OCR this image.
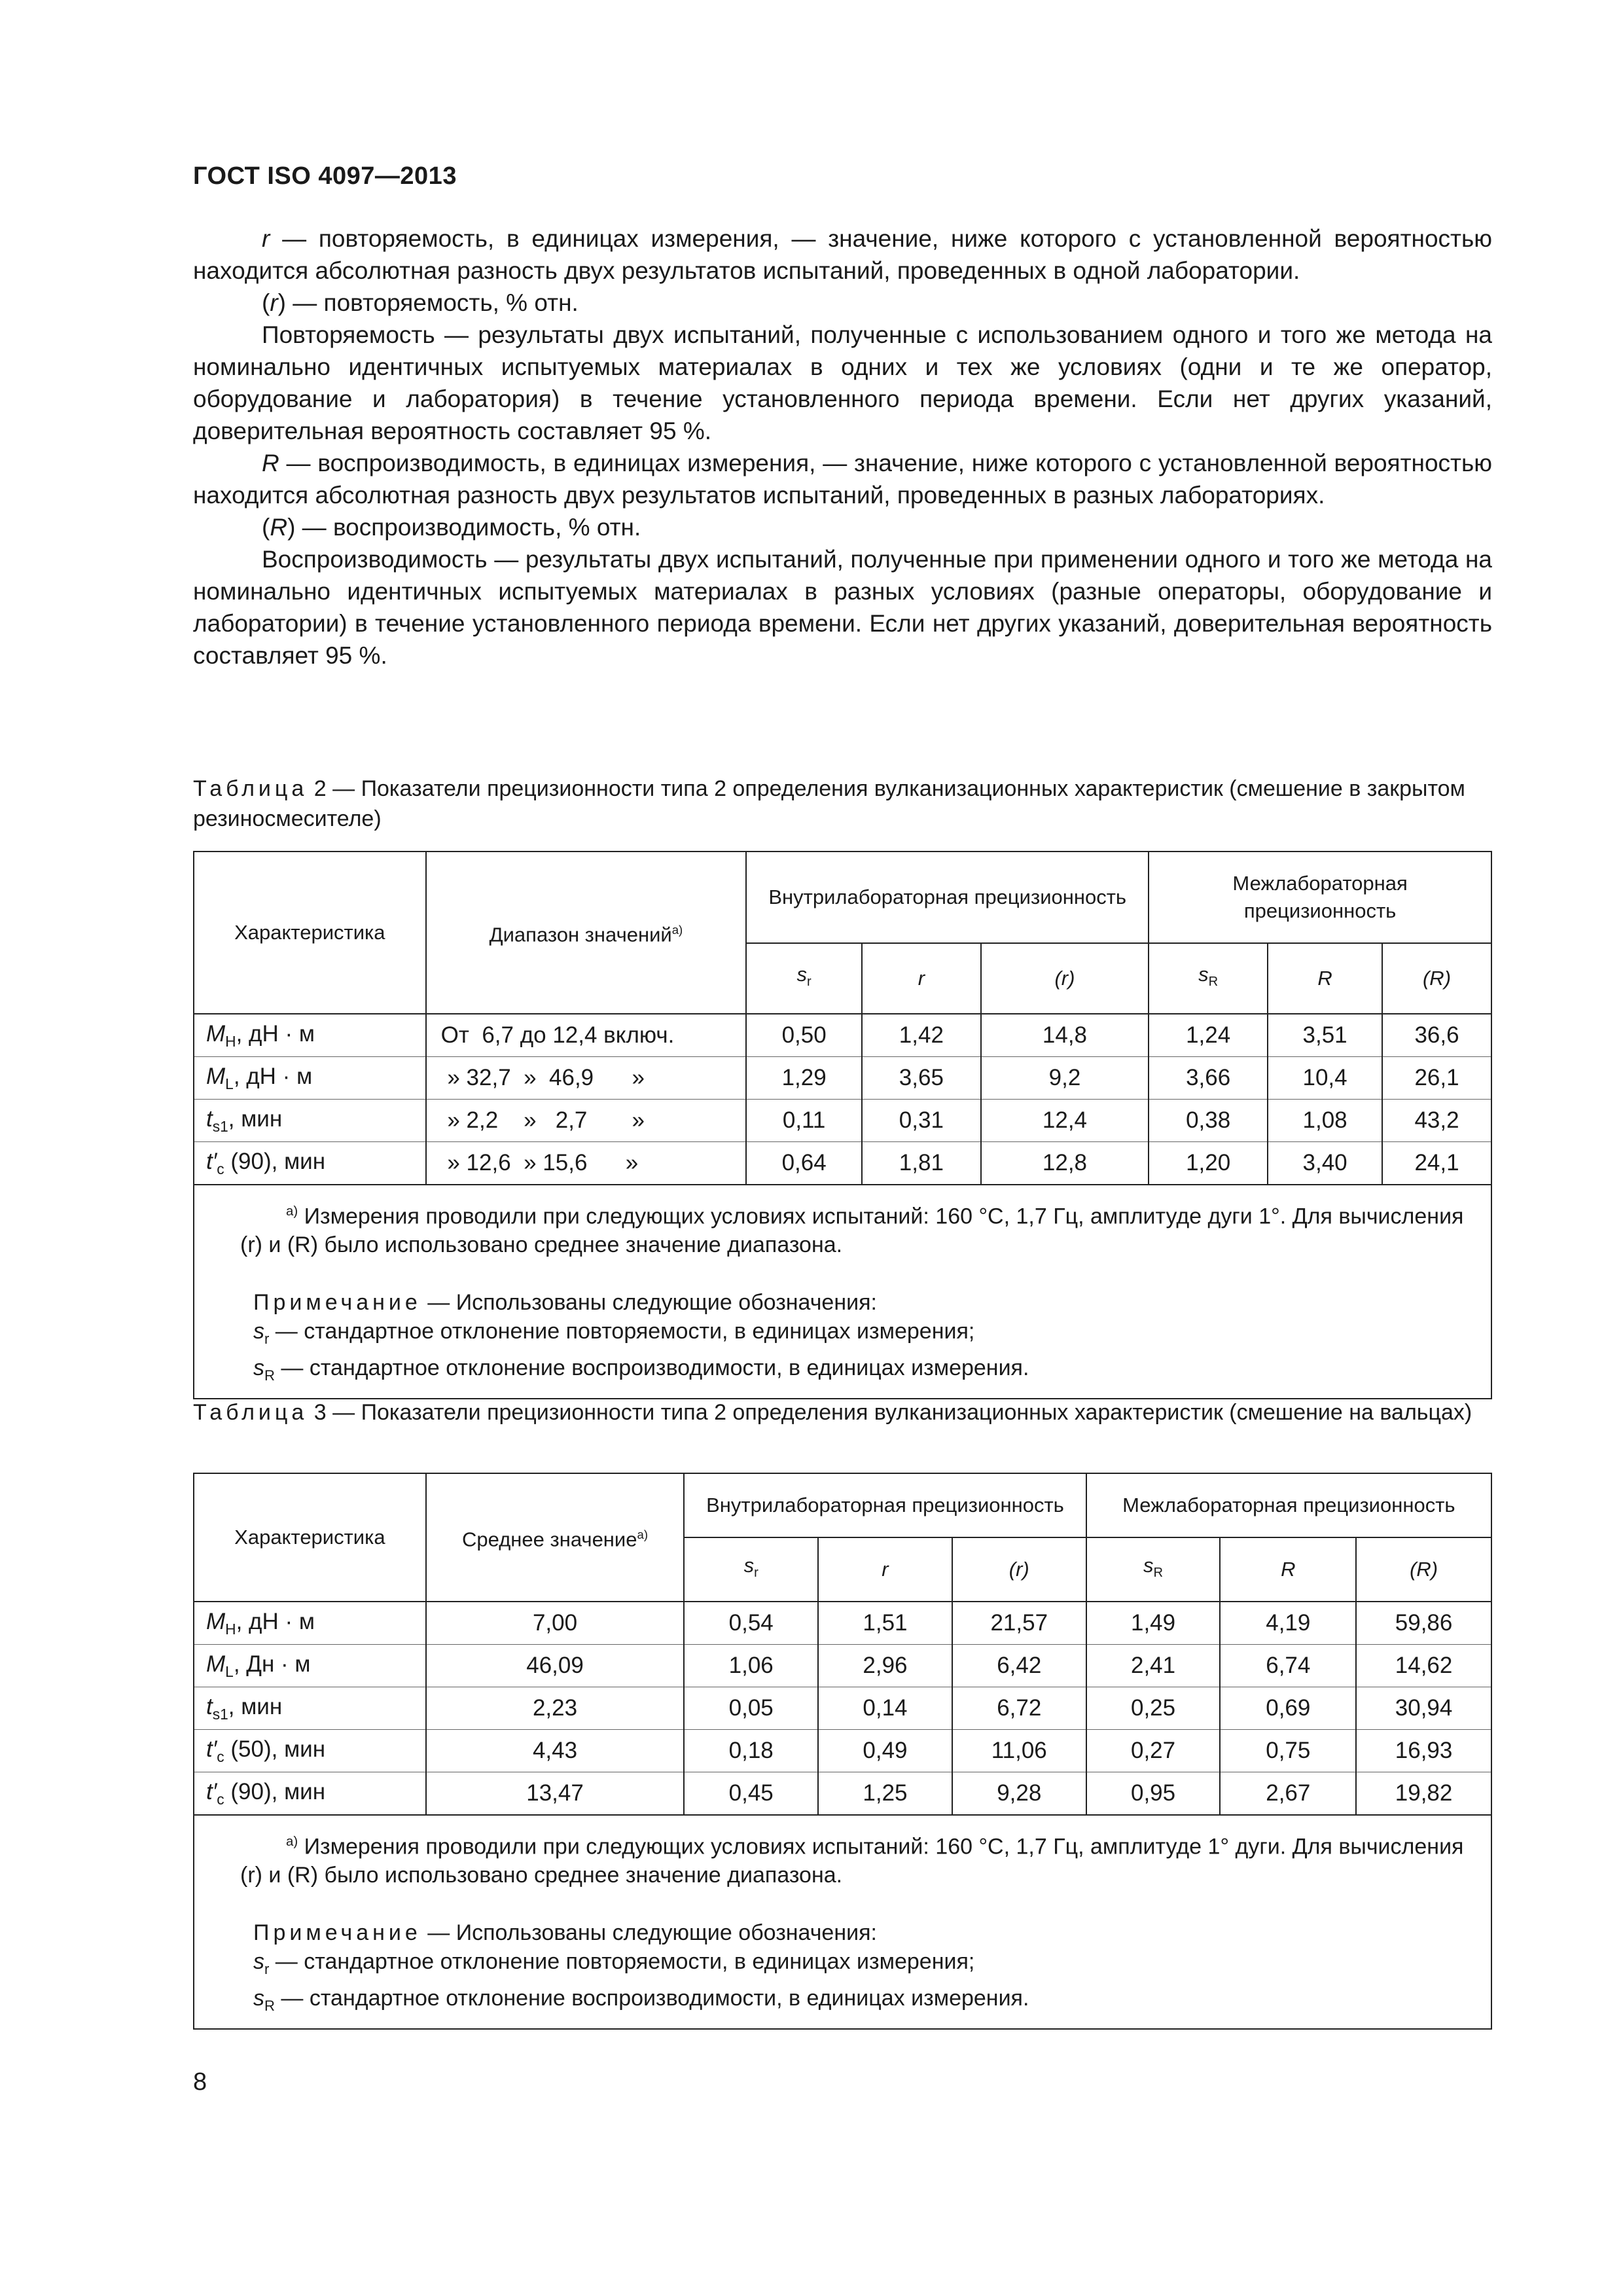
ГОСТ ISO 4097—2013

r — повторяемость, в единицах измерения, — значение, ниже которого с установленной вероятностью находится абсолютная разность двух результатов испытаний, проведенных в одной лаборатории.

(r) — повторяемость, % отн.

Повторяемость — результаты двух испытаний, полученные с использованием одного и того же метода на номинально идентичных испытуемых материалах в одних и тех же условиях (одни и те же оператор, оборудование и лаборатория) в течение установленного периода времени. Если нет других указаний, доверительная вероятность составляет 95 %.

R — воспроизводимость, в единицах измерения, — значение, ниже которого с установленной вероятностью находится абсолютная разность двух результатов испытаний, проведенных в разных лабораториях.

(R) — воспроизводимость, % отн.

Воспроизводимость — результаты двух испытаний, полученные при применении одного и того же метода на номинально идентичных испытуемых материалах в разных условиях (разные операторы, оборудование и лаборатории) в течение установленного периода времени. Если нет других указаний, доверительная вероятность составляет 95 %.

Таблица 2 — Показатели прецизионности типа 2 определения вулканизационных характеристик (смешение в закрытом резиносмесителе)
Характеристика	Диапазон значений$^{a)}$	Внутрилабораторная прецизионность			Межлабораторная прецизионность		
		$s_r$	r	(r)	$s_R$	R	(R)
$M_H$, дН · м	От  6,7 до 12,4 включ.	0,50	1,42	14,8	1,24	3,51	36,6
$M_L$, дН · м	» 32,7  »  46,9      »	1,29	3,65	9,2	3,66	10,4	26,1
$t_{s1}$, мин	» 2,2    »   2,7       »	0,11	0,31	12,4	0,38	1,08	43,2
$t'_c$ (90), мин	» 12,6  » 15,6      »	0,64	1,81	12,8	1,20	3,40	24,1

$^{a)}$ Измерения проводили при следующих условиях испытаний: 160 °С, 1,7 Гц, амплитуде дуги 1°. Для вычисления (r) и (R) было использовано среднее значение диапазона.

Примечание — Использованы следующие обозначения:

$s_r$ — стандартное отклонение повторяемости, в единицах измерения;

$s_R$ — стандартное отклонение воспроизводимости, в единицах измерения.							

Таблица 3 — Показатели прецизионности типа 2 определения вулканизационных характеристик (смешение на вальцах)
Характеристика	Среднее значение$^{a)}$	Внутрилабораторная прецизионность			Межлабораторная прецизионность		
		$s_r$	r	(r)	$s_R$	R	(R)
$M_H$, дН · м	7,00	0,54	1,51	21,57	1,49	4,19	59,86
$M_L$, Дн · м	46,09	1,06	2,96	6,42	2,41	6,74	14,62
$t_{s1}$, мин	2,23	0,05	0,14	6,72	0,25	0,69	30,94
$t'_c$ (50), мин	4,43	0,18	0,49	11,06	0,27	0,75	16,93
$t'_c$ (90), мин	13,47	0,45	1,25	9,28	0,95	2,67	19,82

$^{a)}$ Измерения проводили при следующих условиях испытаний: 160 °С, 1,7 Гц, амплитуде 1° дуги. Для вычисления (r) и (R) было использовано среднее значение диапазона.

Примечание — Использованы следующие обозначения:

$s_r$ — стандартное отклонение повторяемости, в единицах измерения;

$s_R$ — стандартное отклонение воспроизводимости, в единицах измерения.							

8
